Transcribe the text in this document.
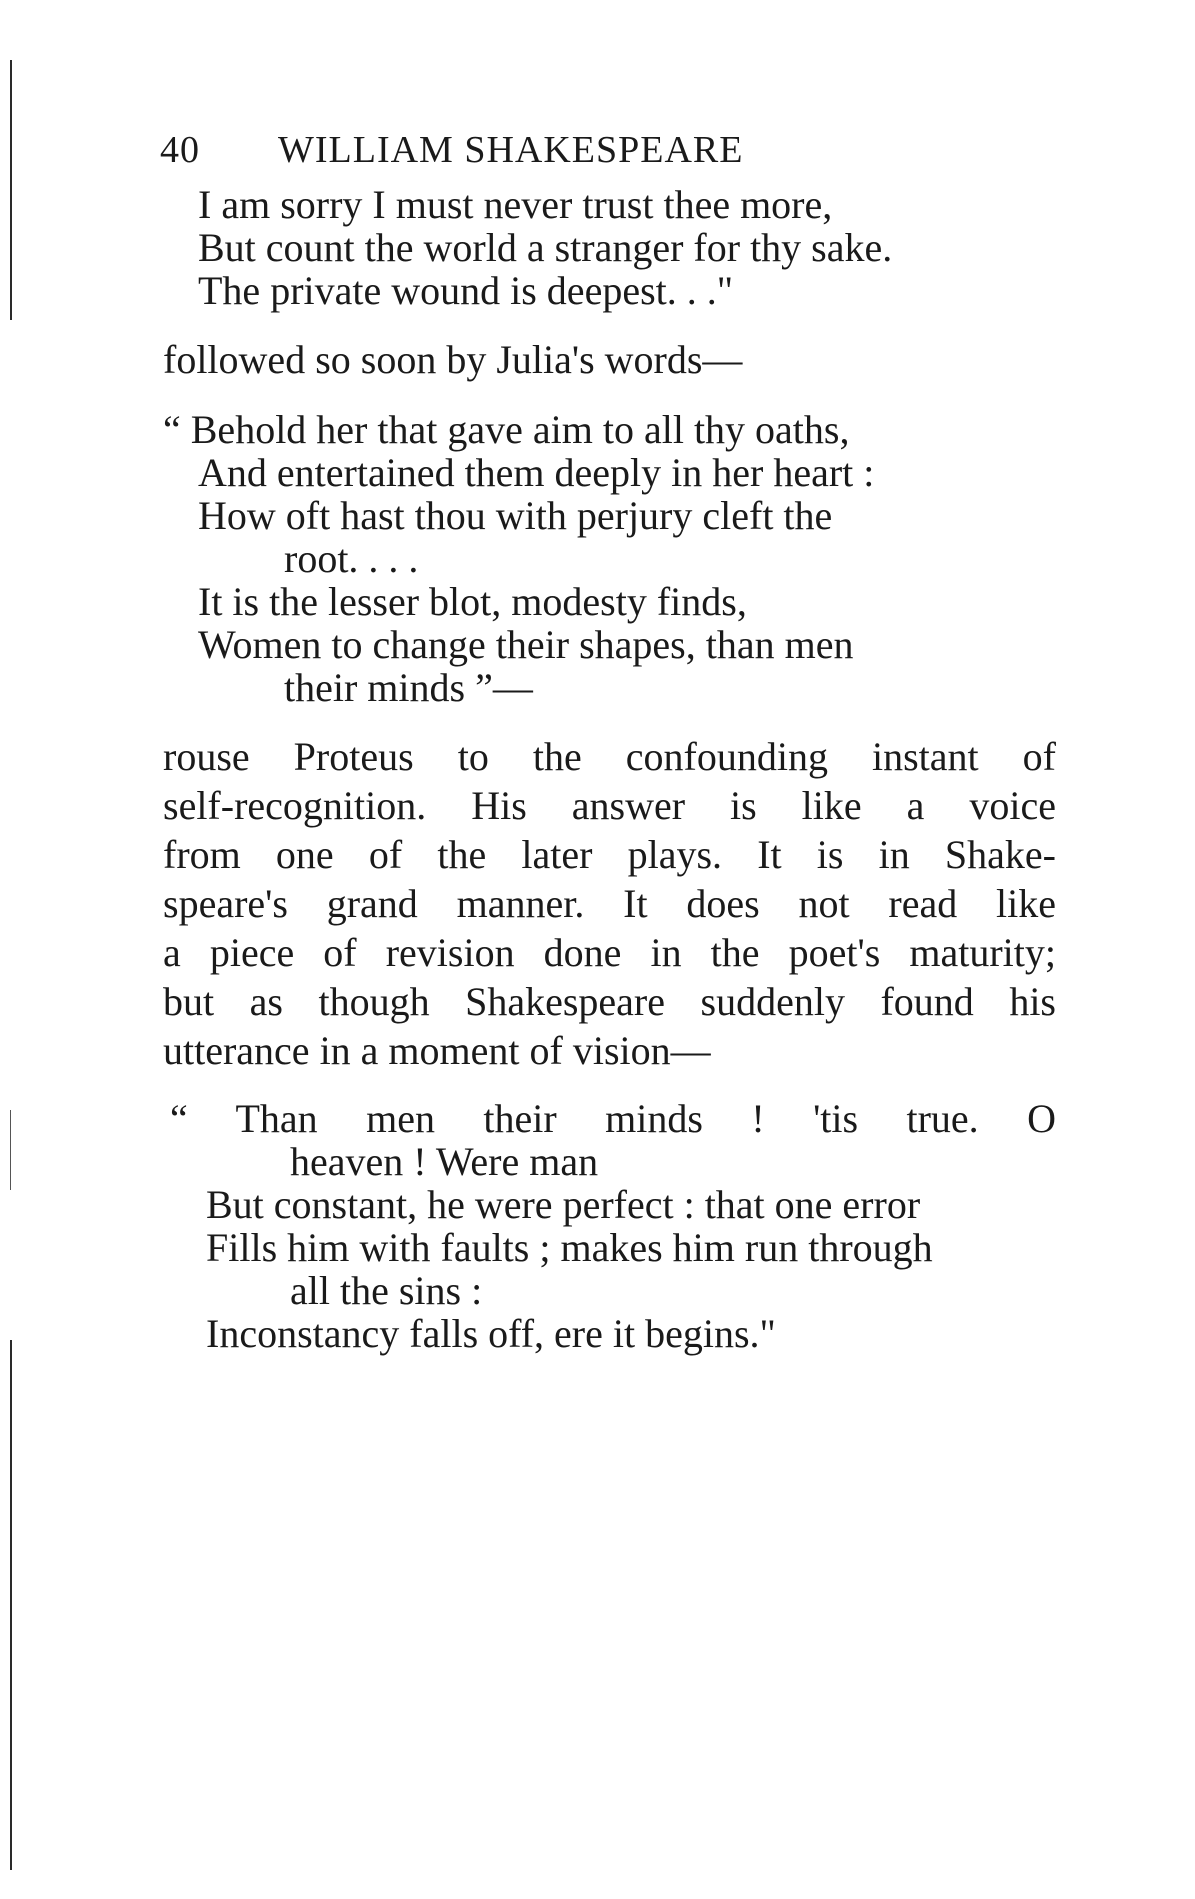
40 WILLIAM SHAKESPEARE
I am sorry I must never trust thee more,
But count the world a stranger for thy sake.
The private wound is deepest. . ."
followed so soon by Julia's words—
“ Behold her that gave aim to all thy oaths,
And entertained them deeply in her heart :
How oft hast thou with perjury cleft the
root. . . .
It is the lesser blot, modesty finds,
Women to change their shapes, than men
their minds ”—
rouse Proteus to the confounding instant of
self-recognition. His answer is like a voice
from one of the later plays. It is in Shake-
speare's grand manner. It does not read like
a piece of revision done in the poet's maturity;
but as though Shakespeare suddenly found his
utterance in a moment of vision—
“ Than men their minds ! 'tis true. O
heaven ! Were man
But constant, he were perfect : that one error
Fills him with faults ; makes him run through
all the sins :
Inconstancy falls off, ere it begins."
